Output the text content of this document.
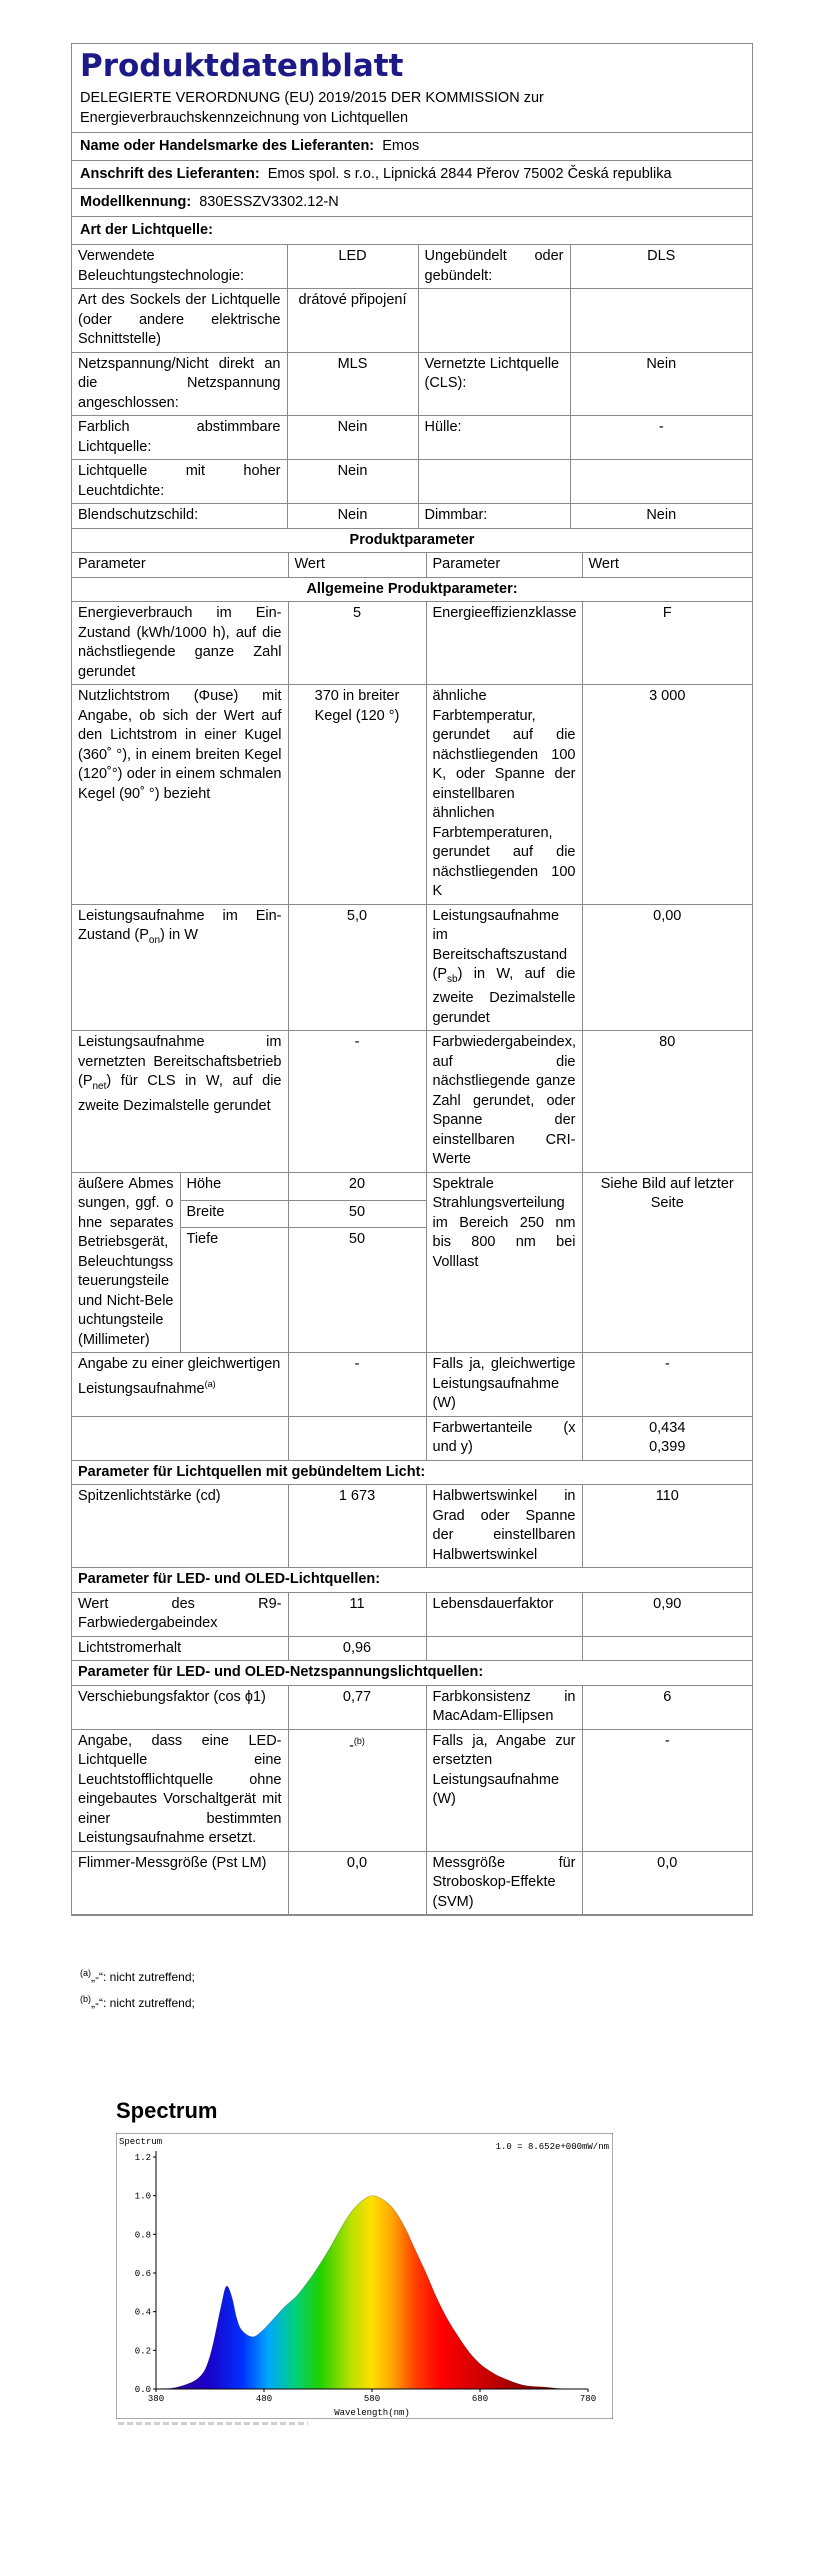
Produktdatenblatt
DELEGIERTE VERORDNUNG (EU) 2019/2015 DER KOMMISSION zur Energieverbrauchskennzeichnung von Lichtquellen
Name oder Handelsmarke des Lieferanten: Emos
Anschrift des Lieferanten: Emos spol. s r.o., Lipnická 2844 Přerov 75002 Česká republika
Modellkennung: 830ESSZV3302.12-N
Art der Lichtquelle:
Verwendete Beleuchtungstechnologie:	LED	Ungebündelt oder gebündelt:	DLS
Art des Sockels der Lichtquelle (oder andere elektrische Schnittstelle)	drátové připojení		
Netzspannung/Nicht direkt an die Netzspannung angeschlossen:	MLS	Vernetzte Lichtquelle (CLS):	Nein
Farblich abstimmbare Lichtquelle:	Nein	Hülle:	-
Lichtquelle mit hoher Leuchtdichte:	Nein		
Blendschutzschild:	Nein	Dimmbar:	Nein
Produktparameter				
Parameter		Wert	Parameter	Wert
Allgemeine Produktparameter:				
Energieverbrauch im Ein-Zustand (kWh/1000 h), auf die nächstliegende ganze Zahl gerundet		5	Energieeffizienzklasse	F
Nutzlichtstrom (Φuse) mit Angabe, ob sich der Wert auf den Lichtstrom in einer Kugel (360˚ °), in einem breiten Kegel (120˚°) oder in einem schmalen Kegel (90˚ °) bezieht		370 in breiter Kegel (120 °)	ähnliche Farbtemperatur, gerundet auf die nächstliegenden 100 K, oder Spanne der einstellbaren ähnlichen Farbtemperaturen, gerundet auf die nächstliegenden 100 K	3 000
Leistungsaufnahme im Ein-Zustand $(P_{on})$ in W		5,0	Leistungsaufnahme im Bereitschaftszustand $(P_{sb})$ in W, auf die zweite Dezimalstelle gerundet	0,00
Leistungsaufnahme im vernetzten Bereitschaftsbetrieb $(P_{net})$ für CLS in W, auf die zweite Dezimalstelle gerundet		-	Farbwiedergabeindex, auf die nächstliegende ganze Zahl gerundet, oder Spanne der einstellbaren CRI-Werte	80
äußere Abmessungen, ggf. ohne separates Betriebsgerät, Beleuchtungssteuerungsteile und Nicht-Beleuchtungsteile (Millimeter)	Höhe	20	Spektrale Strahlungsverteilung im Bereich 250 nm bis 800 nm bei Volllast	Siehe Bild auf letzter Seite
	Breite	50		
	Tiefe	50		
Angabe zu einer gleichwertigen Leistungsaufnahme$^{(a)}$		-	Falls ja, gleichwertige Leistungsaufnahme (W)	-
			Farbwertanteile (x und y)	0,434
0,399

Parameter für Lichtquellen mit gebündeltem Licht:				
Spitzenlichtstärke (cd)		1 673	Halbwertswinkel in Grad oder Spanne der einstellbaren Halbwertswinkel	110
Parameter für LED- und OLED-Lichtquellen:				
Wert des R9-Farbwiedergabeindex		11	Lebensdauerfaktor	0,90
Lichtstromerhalt		0,96		
Parameter für LED- und OLED-Netzspannungslichtquellen:				
Verschiebungsfaktor (cos ϕ1)		0,77	Farbkonsistenz in MacAdam-Ellipsen	6
Angabe, dass eine LED-Lichtquelle eine Leuchtstofflichtquelle ohne eingebautes Vorschaltgerät mit einer bestimmten Leistungsaufnahme ersetzt.		-$^{(b)}$	Falls ja, Angabe zur ersetzten Leistungsaufnahme (W)	-
Flimmer-Messgröße (Pst LM)		0,0	Messgröße für Stroboskop-Effekte (SVM)	0,0
$^{(a)}$„-“: nicht zutreffend;
$^{(b)}$„-“: nicht zutreffend;
Spectrum
Spectrum	1.0 = 8.652e+000mW/nm
0.0
0.2
0.4
0.6
0.8
1.0
1.2
380	480	580	680	780
Wavelength(nm)
